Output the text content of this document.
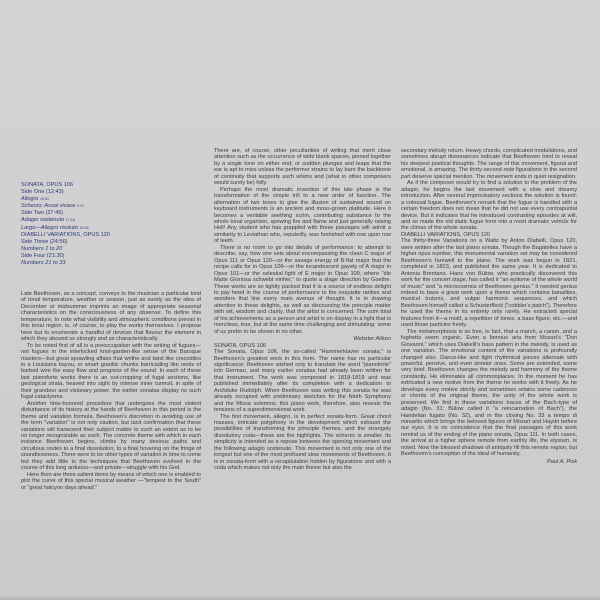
SONATA, OPUS 106
Side One (12:43)
Allegro 10:51
Scherzo: Assai vivace 2:37
Side Two (27:46)
Adagio sostenuto 17:18
Largo—Allegro risoluto 10:25
DIABELLI VARIATIONS, OPUS 120
Side Three (24:56)
Numbers 1 to 20
Side Four (21:30)
Numbers 21 to 33

Late Beethoven, as a concept, conveys to the musician a particular kind of tonal temperature, weather or season, just as surely as the idea of December or midsummer imprints an image of appropriate seasonal characteristics on the consciousness of any observer. To define this temperature, to note what visibility and atmospheric conditions prevail in this tonal region, is, of course, to play the works themselves. I propose here but to enumerate a handful of devices that flavour the element in which they abound so strongly and so characteristically.

To be noted first of all is a preoccupation with the writing of fugues—not fugues in the interlocked knot-garden-like sense of the Baroque masters—but great sprawling affairs that writhe and twist like crocodiles in a Louisiana bayou, or smart granitic chunks barricading like nests of barbed wire the easy flow and progress of the sound. In each of these last pianoforte works there is an out-cropping of fugal sections, like geological strata, heaved into sight by intense inner turmoil, in spite of their grandeur and visionary power, the earlier sonatas display no such fugal cataclysms.

Another time-honored procedure that undergoes the most violent disturbance of its history at the hands of Beethoven in this period is the theme and variation formula. Beethoven's discretion in avoiding use of the term "variation" is not only caution, but tacit confirmation that these variations will transcend their subject matter to such an extent as to be no longer recognizable as such. The concrete theme with which in each instance Beethoven begins, climbs by many devious paths and circuitous routes to a final dissolution, to a final hovering on the fringe of soundlessness. There were to be other types of variation in time to come but they add little to the techniques that Beethoven evolved in the course of this long arduous—and private—struggle with his God.

Here then are three salient items by means of which one is enabled to plot the curve of this special musical weather —"tempest to the South" or "great halcyon days ahead."

There are, of course, other peculiarities of writing that merit close attention such as the occurrence of wide blank spaces, pinned together by a single tone on either end; or sudden plunges and leaps that the ear is apt to miss unless the performer strains to lay bare the backbone of continuity that supports such whims and (what in other composers would surely be) folly.

Perhaps the most dramatic invention of this late phase is the transformation of the simple trill to a new order of function. The alternation of two tones to give the illusion of sustained sound on keyboard instruments is an ancient and moss-grown platitude. Here it becomes a veritable seething scrim, contributing substance to the whole tonal organism, spewing fire and flame and just generally raising Hell! Any student who has grappled with these passages will admit a similarity to Leviathan who, reputedly, was furnished with row upon row of teeth.

There is no room to go into details of performance: to attempt to describe, say, how one sets about encompassing the clean C major of Opus 111 or Opus 120—or the savage energy of B-flat major that the recipe calls for in Opus 106—or the incandescent gayety of A major in Opus 101—or the celestial light of E major in Opus 109, where "die Matte Gloriosa schwebt einher," to quote a stage direction by Goethe. These works are so tightly packed that it is a source of endless delight to pay heed in the course of performance to the exquisite rarities and wonders that line every main avenue of thought. It is in drawing attention to these delights, as well as discoursing the principle matter with wit, wisdom and clarity, that the artist is concerned. The sum total of his achievements as a person and artist is on display in a light that is merciless, true, but at the same time challenging and stimulating: some of us prefer to be shown in no other.

Webster Aitken

SONATA, OPUS 106

The Sonata, Opus 106, the so-called "Hammerklavier sonata," is Beethoven's greatest work in this form. The name has no particular significance; Beethoven wished only to translate the word "pianoforte" into German, and many earlier sonatas had already been written for that instrument. The work was composed in 1818-1819 and was published immediately after its completion with a dedication to Archduke Rudolph. When Beethoven was writing this sonata he was already occupied with preliminary sketches for the Ninth Symphony and the Missa solemnis; this piano work, therefore, also reveals the tensions of a superdimensional work.

The first movement, allegro, is in perfect sonata-form. Great chord masses, intricate polyphony in the development which exhaust the possibilities of transforming the principle themes, and the strangely dissolutory coda—these are the highlights. The scherzo is smaller. Its simplicity is intended as a repose between the opening movement and the following adagio sostenuto. This movement is not only one of the longest but one of the most profound slow movements of Beethoven. It is in sonata-form with a recapitulation hidden by figurations and with a coda which makes not only the main theme but also the

secondary melody return. Heavy chords, complicated modulations, and sometimes abrupt dissonances indicate that Beethoven tried to reveal his deepest poetical thoughts. The range of this movement, figural and emotional, is amazing. The thirty-second note figurations in the second part deserve special mention. The movement ends in quiet resignation.

As if the composer would try to find a solution to the problem of the adagio, he begins the last movement with a slow and dreamy introduction. After several improvisatory sections the solution is found: a colossal fugue. Beethoven's remark that the fugue is handled with a certain freedom does not mean that he did not use every contrapuntal device. But it indicates that he introduced contrasting episodes at will, and so made the old static fugue form into a most dramatic vehicle for the climax of the whole sonata.

DIABELLI VARIATIONS, OPUS 120

The thirty-three Variations on a Waltz by Anton Diabelli, Opus 120, were written after the last piano sonata. Though the Bagatelles have a higher opus number, this monumental variation set may be considered Beethoven's farewell to the piano. The work was begun in 1821, completed in 1823, and published the same year. It is dedicated to Antonia Brentano. Hans von Bülow, who practically discovered this work for the concert stage, has called it "an epitome of the whole world of music" and "a microcosmos of Beethoven genius." It needed genius indeed to base a great work upon a theme which contains banalities, musical truisms, and vulgar harmonic sequences, and which Beethoven himself called a Schusterfleck ("cobbler's patch"). Therefore he used the theme in its entirety only rarely. He extracted special features from it—a motif, a repetition of tones, a bass figure, etc.—and used those particles freely.

The metamorphosis is so free, in fact, that a march, a canon, and a fughetta seem organic. Even a famous aria from Mozart's "Don Giovanni," which uses Diabelli's bass pattern in the melody, is used as one variation. The emotional content of the variations is profoundly changed also. Dance-like and light rhythmical pieces alternate with powerful, pensive, and even sinister ones. Some are extended, some very brief. Beethoven changes the melody and harmony of the theme constantly. He eliminates all commonplaces. In the moment he has extricated a new motive from the theme he works with it freely. As he develops every motive strictly and sometimes retains some cadences or chords of the original theme, the unity of the whole work is preserved. We find in these variations traces of the Bach-type of adagio (No. 31; Bülow called it "a reincarnation of Bach"), the Handelian fugato (No. 32), and in the closing No. 33 a tempo di minuetto which brings the beloved figures of Mozart and Haydn before our eyes. It is no coincidence that the final passages of this work remind us of the ending of the piano sonata, Opus 111. In both cases, the arrival at a higher sphere remote from earthly life, the elysium, is noted. Now the blessed shadows of antiquity fill this remote region, but Beethoven's conception of the ideal of humanity.

Paul A. Pisk
